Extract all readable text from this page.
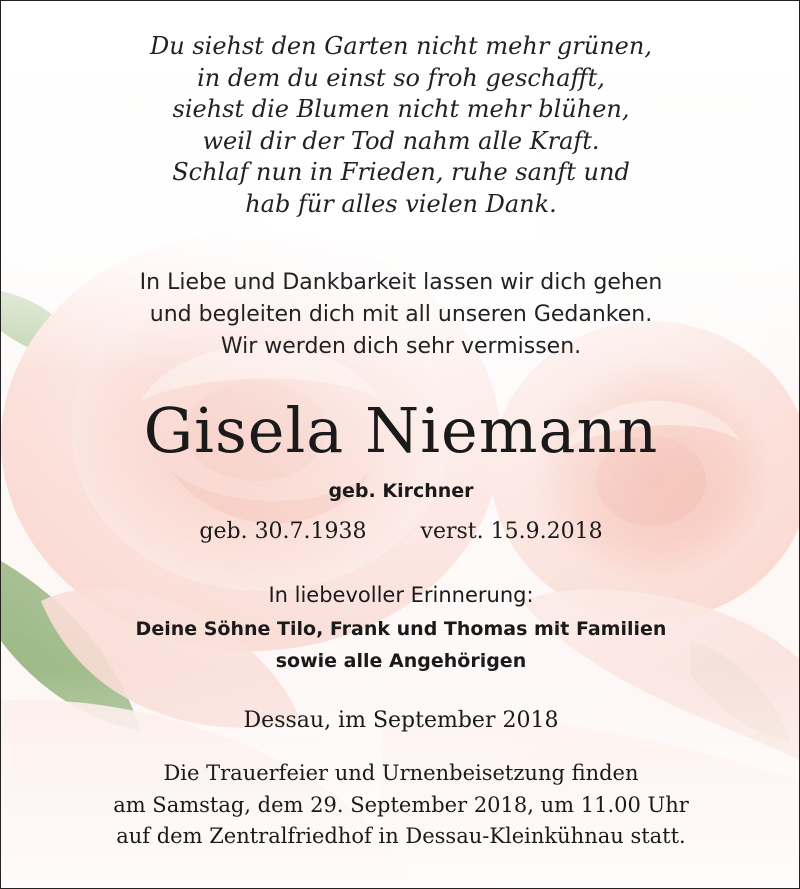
Du siehst den Garten nicht mehr grünen,
in dem du einst so froh geschafft,
siehst die Blumen nicht mehr blühen,
weil dir der Tod nahm alle Kraft.
Schlaf nun in Frieden, ruhe sanft und
hab für alles vielen Dank.
In Liebe und Dankbarkeit lassen wir dich gehen
und begleiten dich mit all unseren Gedanken.
Wir werden dich sehr vermissen.
Gisela Niemann
geb. Kirchner
geb. 30.7.1938 verst. 15.9.2018
In liebevoller Erinnerung:
Deine Söhne Tilo, Frank und Thomas mit Familien
sowie alle Angehörigen
Dessau, im September 2018
Die Trauerfeier und Urnenbeisetzung finden
am Samstag, dem 29. September 2018, um 11.00 Uhr
auf dem Zentralfriedhof in Dessau-Kleinkühnau statt.
